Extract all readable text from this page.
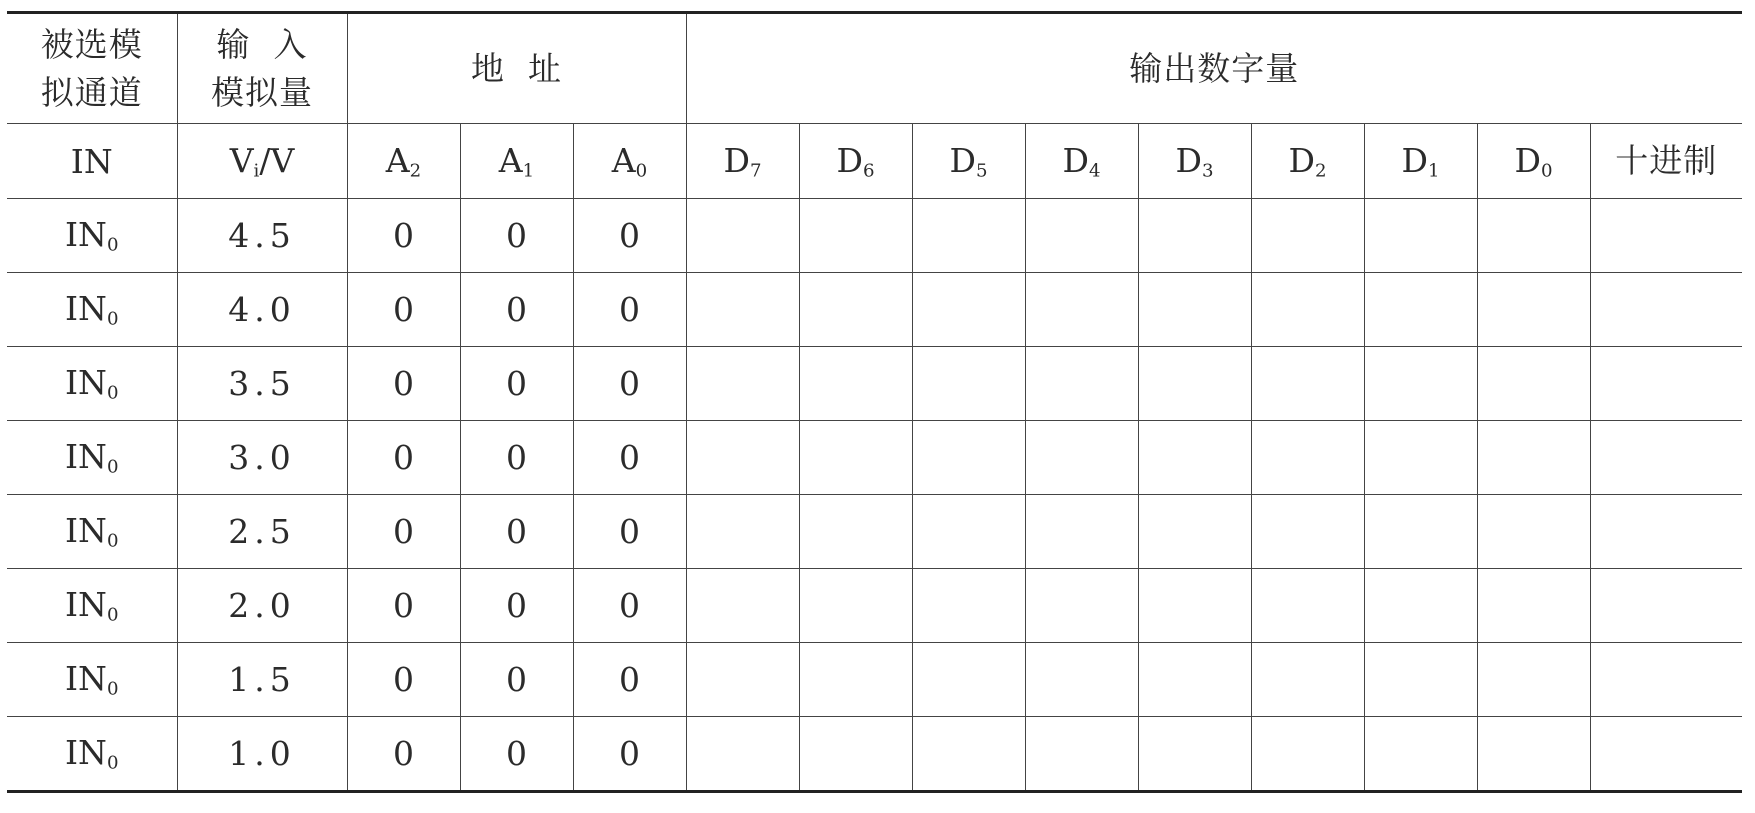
被选模拟通道	输  入模拟量	地  址			输出数字量								
IN	$V_i/V$	$A_2$	$A_1$	$A_0$	$D_7$	$D_6$	$D_5$	$D_4$	$D_3$	$D_2$	$D_1$	$D_0$	十进制
$IN_0$	4.5	0	0	0									
$IN_0$	4.0	0	0	0									
$IN_0$	3.5	0	0	0									
$IN_0$	3.0	0	0	0									
$IN_0$	2.5	0	0	0									
$IN_0$	2.0	0	0	0									
$IN_0$	1.5	0	0	0									
$IN_0$	1.0	0	0	0									
